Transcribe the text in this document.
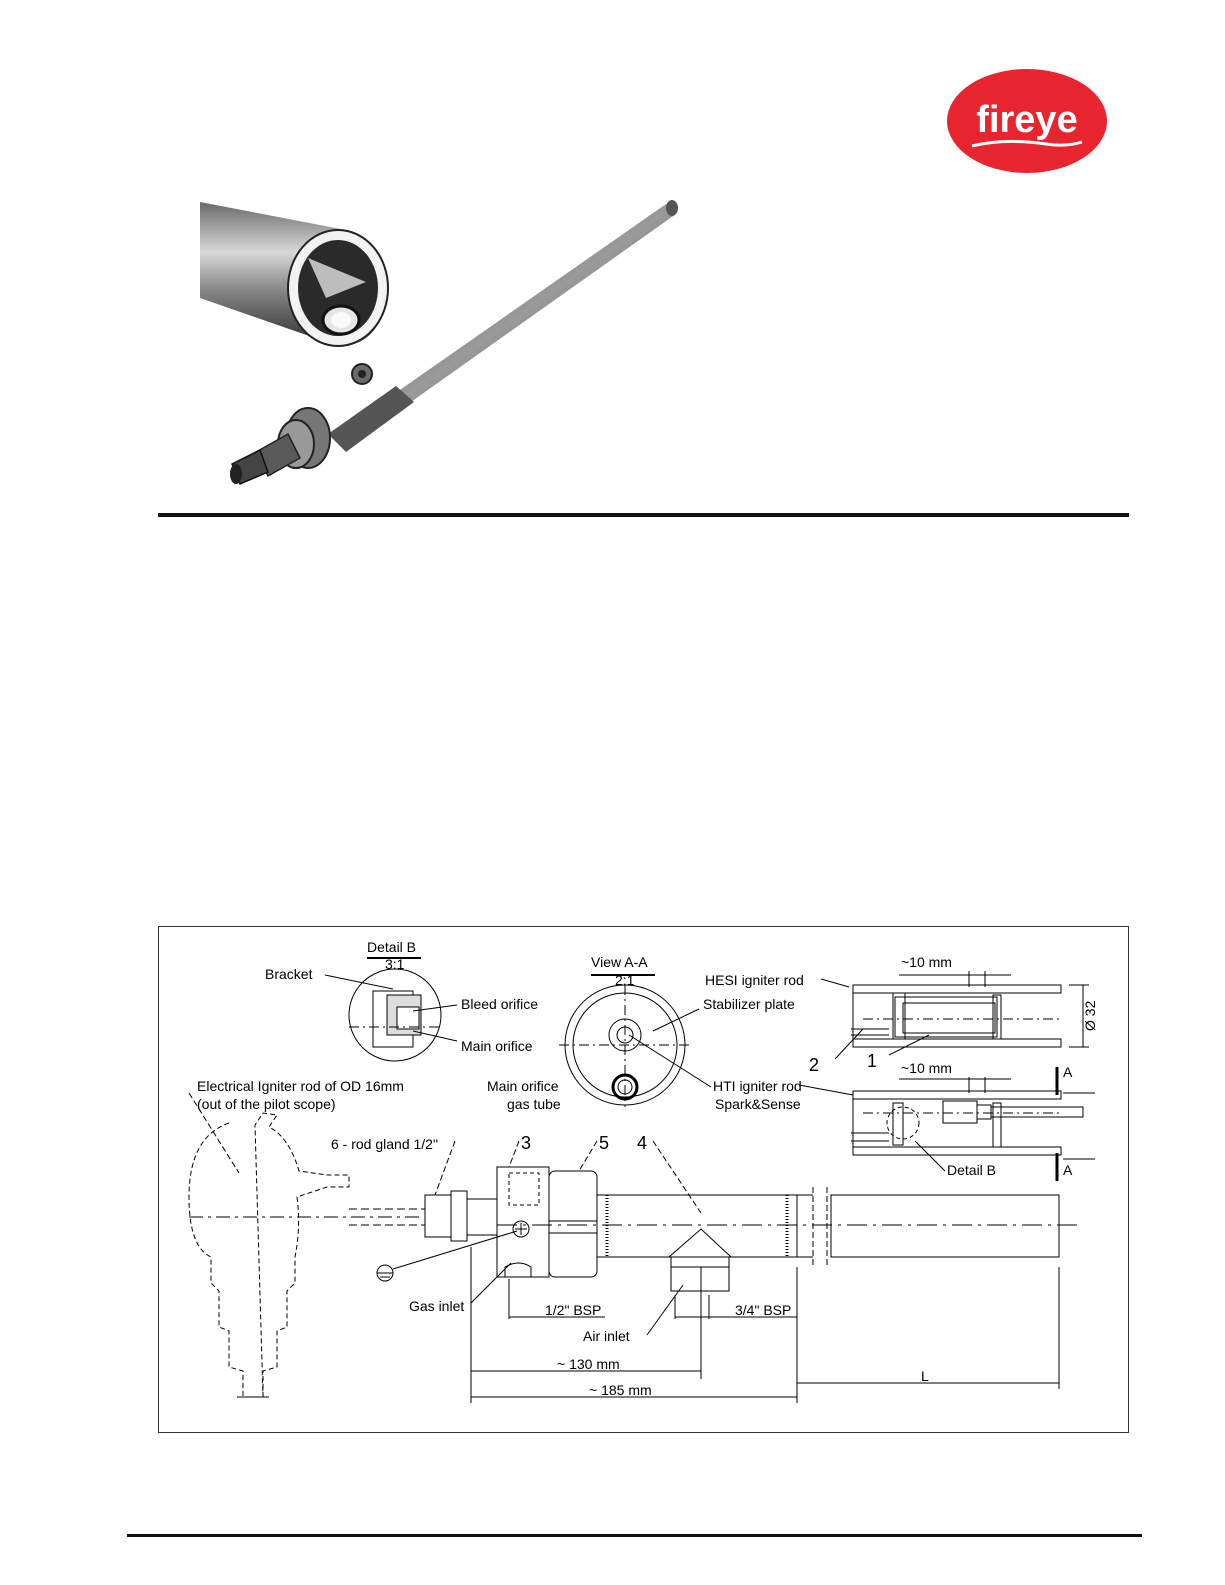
fireye
Detail B
3:1
Bracket
Bleed orifice
Main orifice
View A-A
2:1
Stabilizer plate
Main orifice
gas tube
HTI igniter rod
Spark&Sense
HESI igniter rod
~10 mm
Ø 32
2	1 ~10 mm	A
A
Detail B
Electrical Igniter rod of OD 16mm
(out of the pilot scope)
6 - rod gland 1/2"	3	5 4
Gas inlet	1/2" BSP	3/4" BSP
Air inlet
~ 130 mm
~ 185 mm
L
